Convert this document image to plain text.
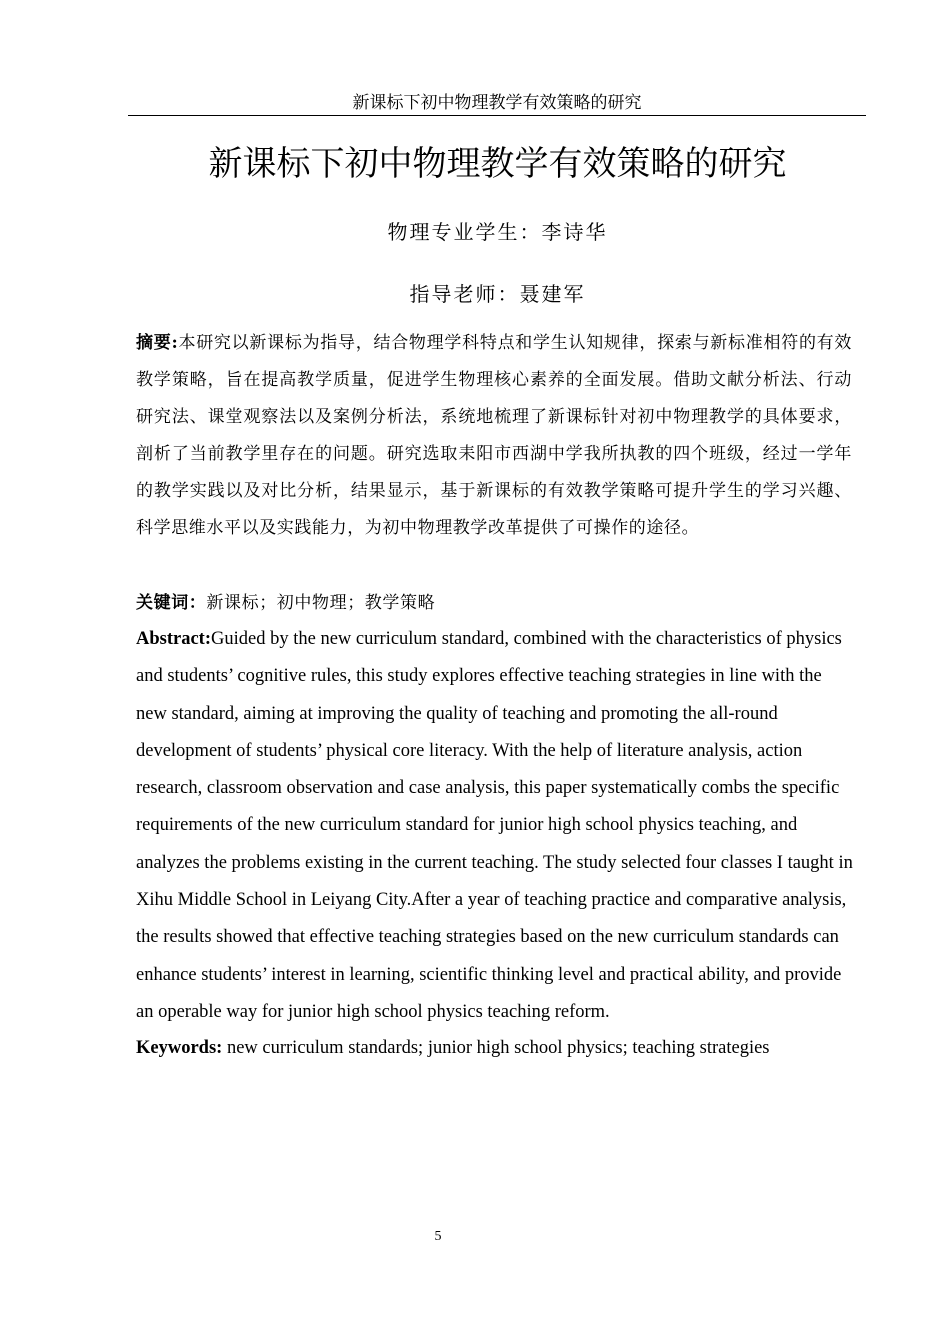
新课标下初中物理教学有效策略的研究
新课标下初中物理教学有效策略的研究
物理专业学生：李诗华
指导老师：聂建军

摘要:本研究以新课标为指导，结合物理学科特点和学生认知规律，探索与新标准相符的有效教学策略，旨在提高教学质量，促进学生物理核心素养的全面发展。借助文献分析法、行动研究法、课堂观察法以及案例分析法，系统地梳理了新课标针对初中物理教学的具体要求，剖析了当前教学里存在的问题。研究选取耒阳市西湖中学我所执教的四个班级，经过一学年的教学实践以及对比分析，结果显示，基于新课标的有效教学策略可提升学生的学习兴趣、科学思维水平以及实践能力，为初中物理教学改革提供了可操作的途径。

关键词：新课标；初中物理；教学策略

Abstract:Guided by the new curriculum standard, combined with the characteristics of physics and students’ cognitive rules, this study explores effective teaching strategies in line with the new standard, aiming at improving the quality of teaching and promoting the all-round development of students’ physical core literacy. With the help of literature analysis, action research, classroom observation and case analysis, this paper systematically combs the specific requirements of the new curriculum standard for junior high school physics teaching, and analyzes the problems existing in the current teaching. The study selected four classes I taught in Xihu Middle School in Leiyang City.After a year of teaching practice and comparative analysis, the results showed that effective teaching strategies based on the new curriculum standards can enhance students’ interest in learning, scientific thinking level and practical ability, and provide an operable way for junior high school physics teaching reform.

Keywords: new curriculum standards; junior high school physics; teaching strategies

5
